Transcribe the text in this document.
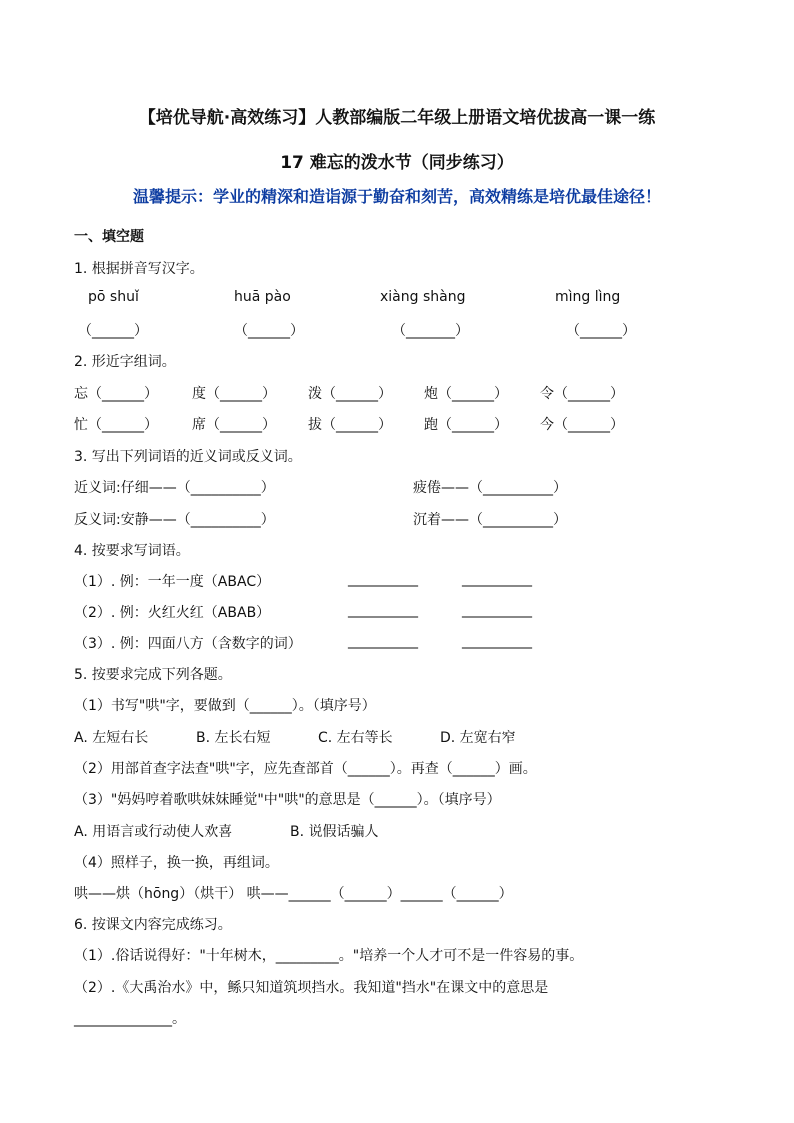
【培优导航·高效练习】人教部编版二年级上册语文培优拔高一课一练
17 难忘的泼水节（同步练习）
温馨提示：学业的精深和造诣源于勤奋和刻苦，高效精练是培优最佳途径！
一、填空题
1. 根据拼音写汉字。
pō shuǐ	huā pào	xiàng shàng	mìng lìng
（______）	（______）	（_______）	（______）
2. 形近字组词。
忘（______） 度（______） 泼（______） 炮（______） 令（______）
忙（______） 席（______） 拔（______） 跑（______） 今（______）
3. 写出下列词语的近义词或反义词。
近义词:仔细——（__________）	疲倦——（__________）
反义词:安静——（__________）	沉着——（__________）
4. 按要求写词语。
（1）. 例：一年一度（ABAC）	__________	__________
（2）. 例：火红火红（ABAB）	__________	__________
（3）. 例：四面八方（含数字的词）	__________	__________
5. 按要求完成下列各题。
（1）书写"哄"字，要做到（______）。（填序号）
A. 左短右长	B. 左长右短	C. 左右等长	D. 左宽右窄
（2）用部首查字法查"哄"字，应先查部首（______）。再查（______）画。
（3）"妈妈哼着歌哄妹妹睡觉"中"哄"的意思是（______）。（填序号）
A. 用语言或行动使人欢喜	B. 说假话骗人
（4）照样子，换一换，再组词。
哄——烘（hōng）（烘干） 哄——______（______）______（______）
6. 按课文内容完成练习。
（1）.俗话说得好："十年树木，_________。"培养一个人才可不是一件容易的事。
（2）.《大禹治水》中，鲧只知道筑坝挡水。我知道"挡水"在课文中的意思是
______________。
